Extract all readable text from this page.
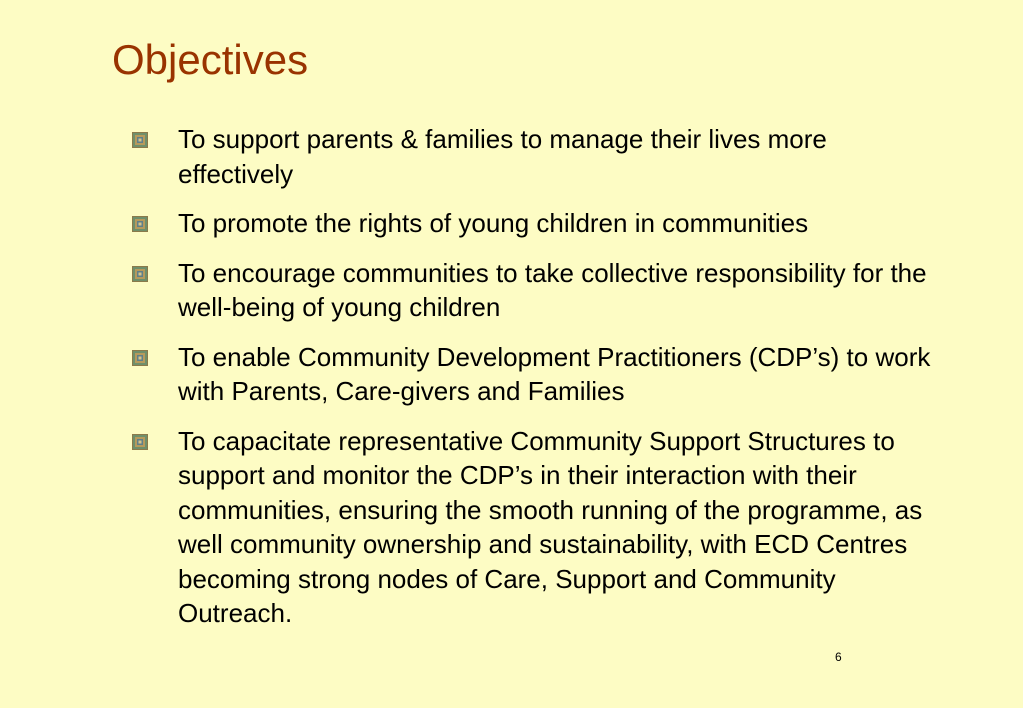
Objectives
To support parents & families to manage their lives more effectively
To promote the rights of young children in communities
To encourage communities to take collective responsibility for the well-being of young children
To enable Community Development Practitioners (CDP’s) to work with Parents, Care-givers and Families
To capacitate representative Community Support Structures to support and monitor the CDP’s in their interaction with their communities, ensuring the smooth running of the programme, as well community ownership and sustainability, with ECD Centres becoming strong nodes of Care, Support and Community Outreach.
6
